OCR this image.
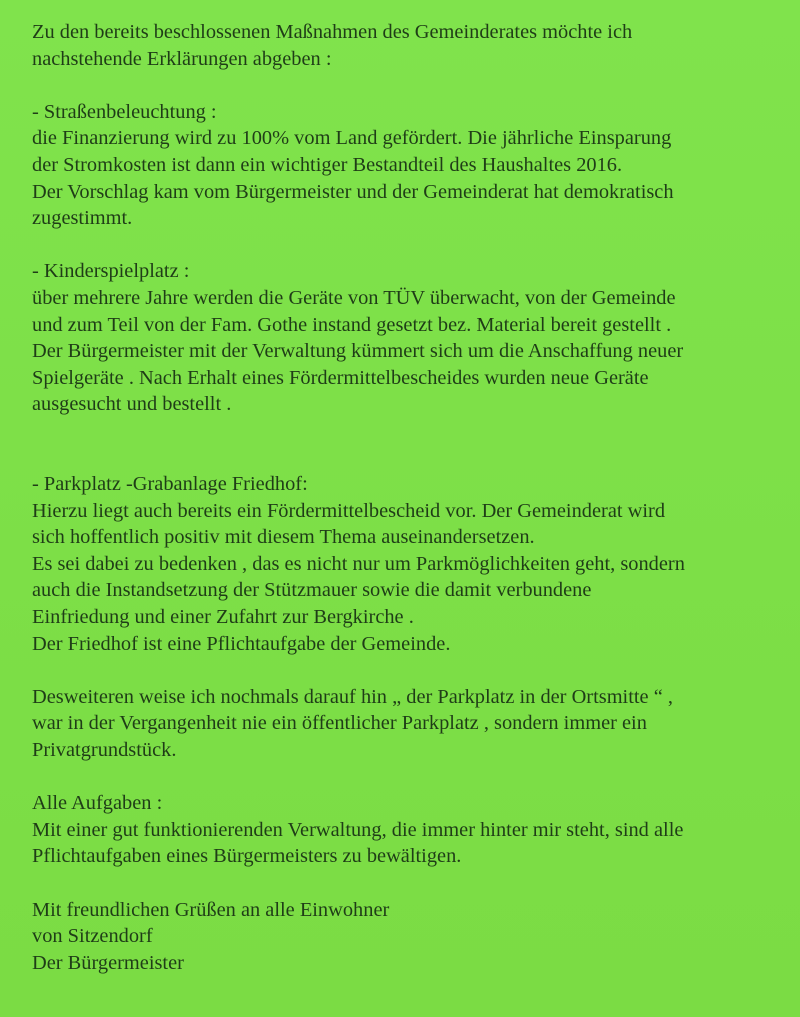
Zu den bereits beschlossenen Maßnahmen des Gemeinderates möchte ich
nachstehende Erklärungen abgeben :
- Straßenbeleuchtung :
die Finanzierung wird zu 100% vom Land gefördert. Die jährliche Einsparung
der Stromkosten ist dann ein wichtiger Bestandteil des Haushaltes 2016.
Der Vorschlag kam vom Bürgermeister und der Gemeinderat hat demokratisch
zugestimmt.
- Kinderspielplatz :
über mehrere Jahre werden die Geräte von TÜV überwacht, von der Gemeinde
und zum Teil von der Fam. Gothe instand gesetzt bez. Material bereit gestellt .
Der Bürgermeister mit der Verwaltung kümmert sich um die Anschaffung neuer
Spielgeräte . Nach Erhalt eines Fördermittelbescheides wurden neue Geräte
ausgesucht und bestellt .
- Parkplatz -Grabanlage Friedhof:
Hierzu liegt auch bereits ein Fördermittelbescheid vor. Der Gemeinderat wird
sich hoffentlich positiv mit diesem Thema auseinandersetzen.
Es sei dabei zu bedenken , das es nicht nur um Parkmöglichkeiten geht, sondern
auch die Instandsetzung der Stützmauer sowie die damit verbundene
Einfriedung und einer Zufahrt zur Bergkirche .
Der Friedhof ist eine Pflichtaufgabe der Gemeinde.
Desweiteren weise ich nochmals darauf hin „ der Parkplatz in der Ortsmitte “ ,
war in der Vergangenheit nie ein öffentlicher Parkplatz , sondern immer ein
Privatgrundstück.
Alle Aufgaben :
Mit einer gut funktionierenden Verwaltung, die immer hinter mir steht, sind alle
Pflichtaufgaben eines Bürgermeisters zu bewältigen.
Mit freundlichen Grüßen an alle Einwohner
von Sitzendorf
Der Bürgermeister
